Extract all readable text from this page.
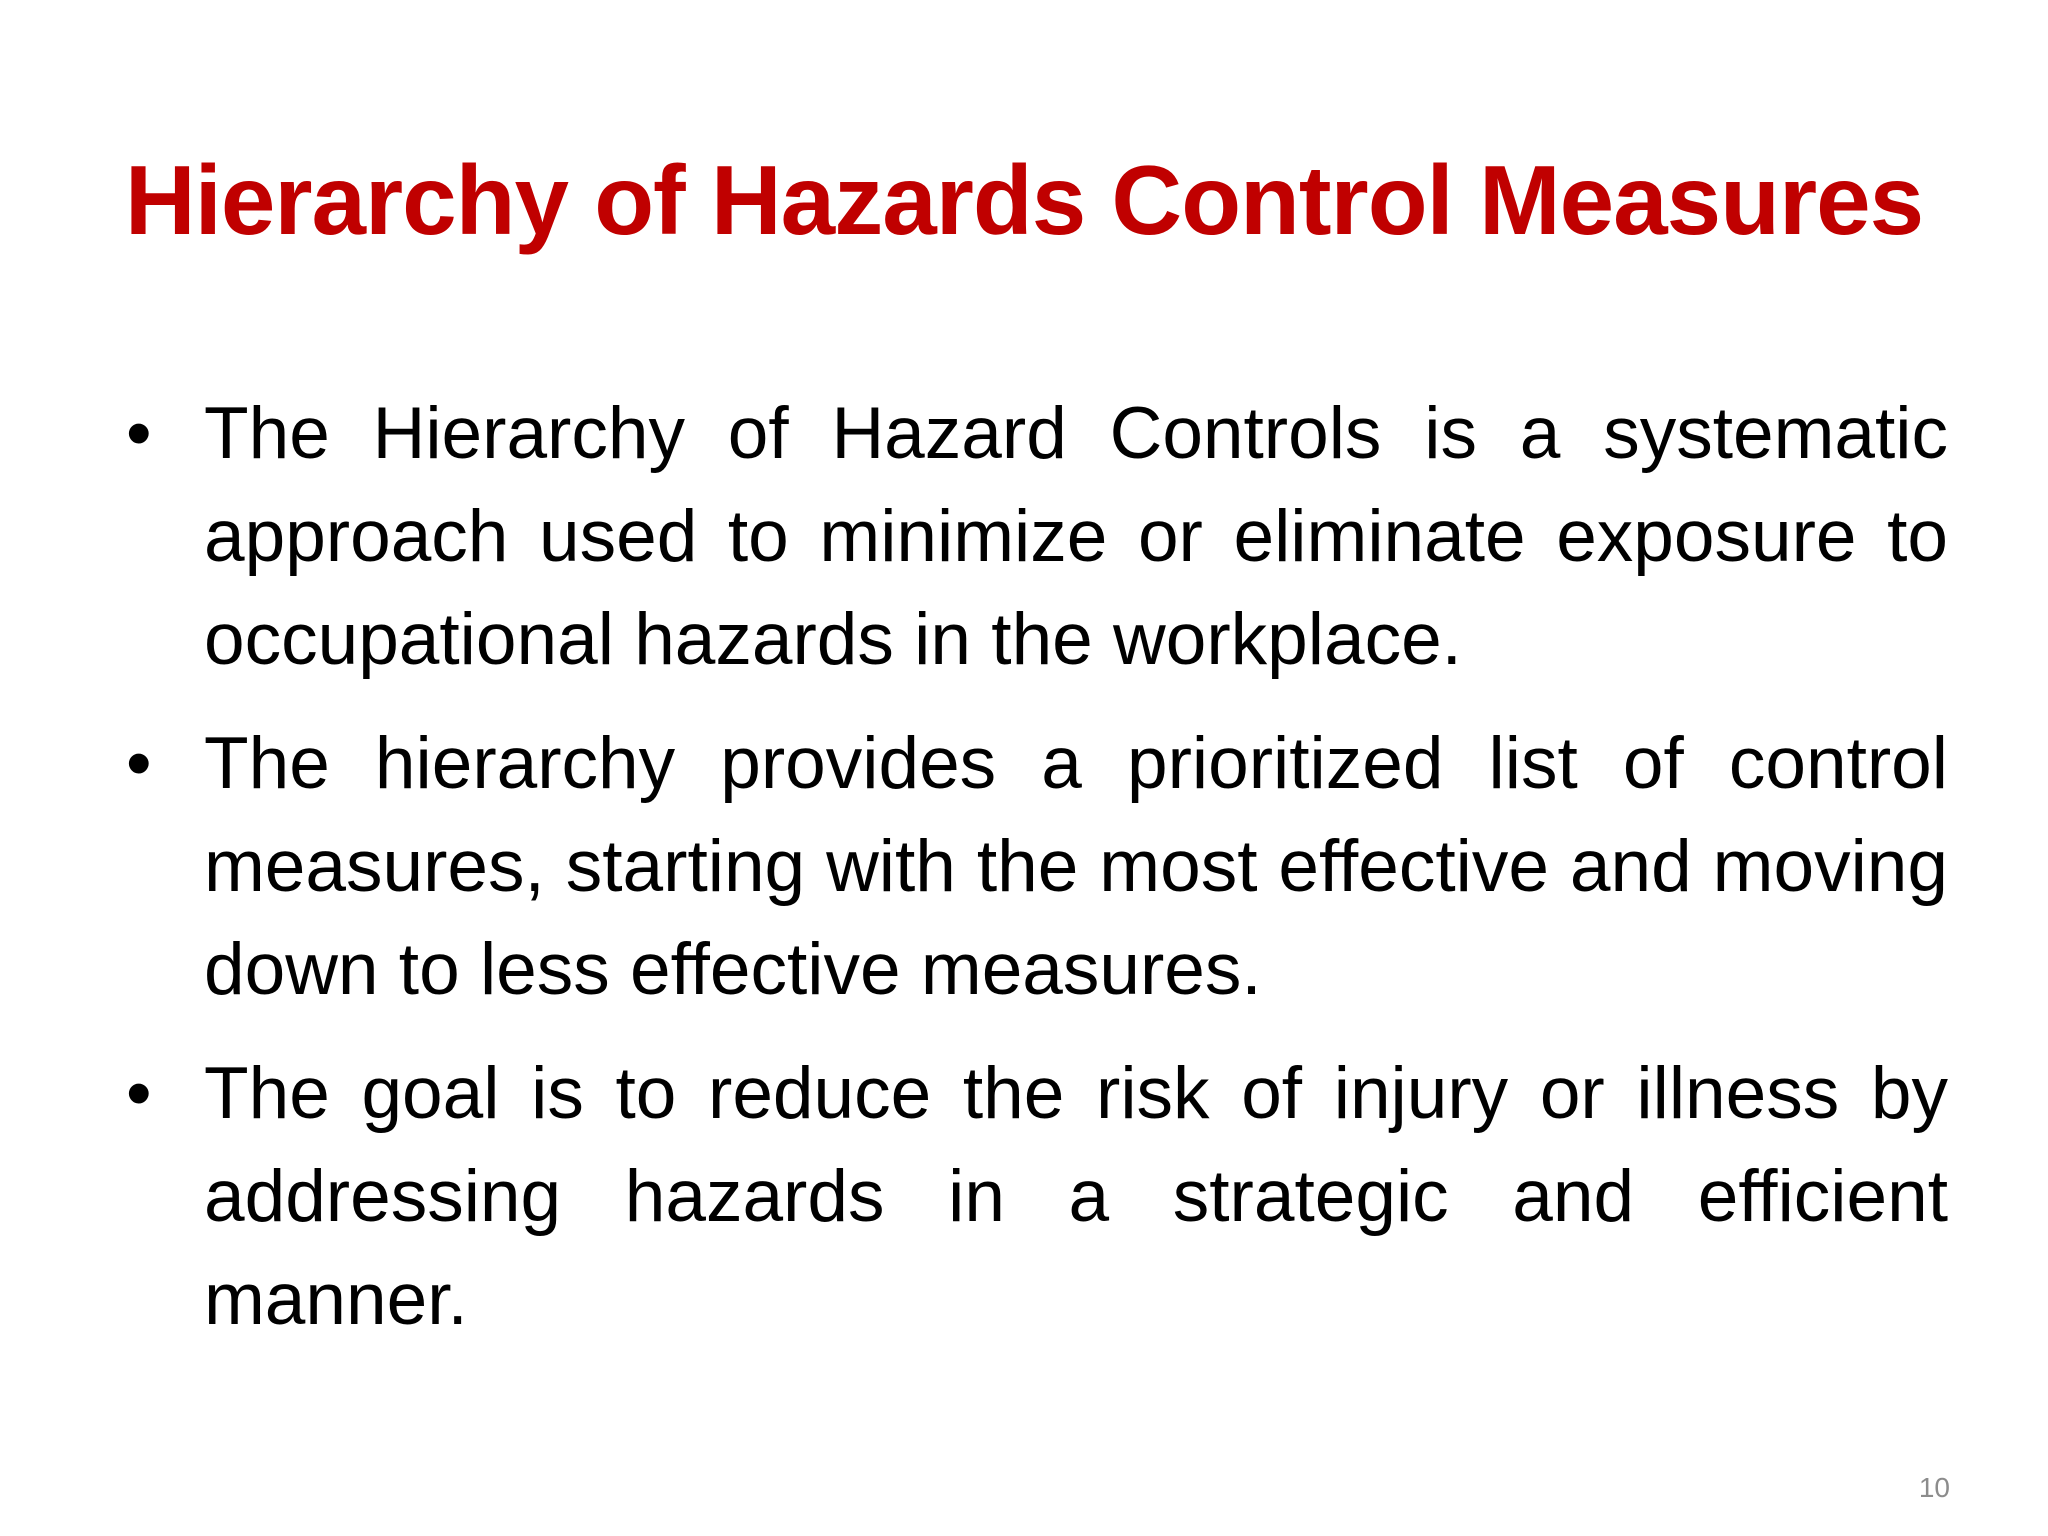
Hierarchy of Hazards Control Measures
• The Hierarchy of Hazard Controls is a systematic approach used to minimize or eliminate exposure to occupational hazards in the workplace.
• The hierarchy provides a prioritized list of control measures, starting with the most effective and moving down to less effective measures.
• The goal is to reduce the risk of injury or illness by addressing hazards in a strategic and efficient manner.
10
